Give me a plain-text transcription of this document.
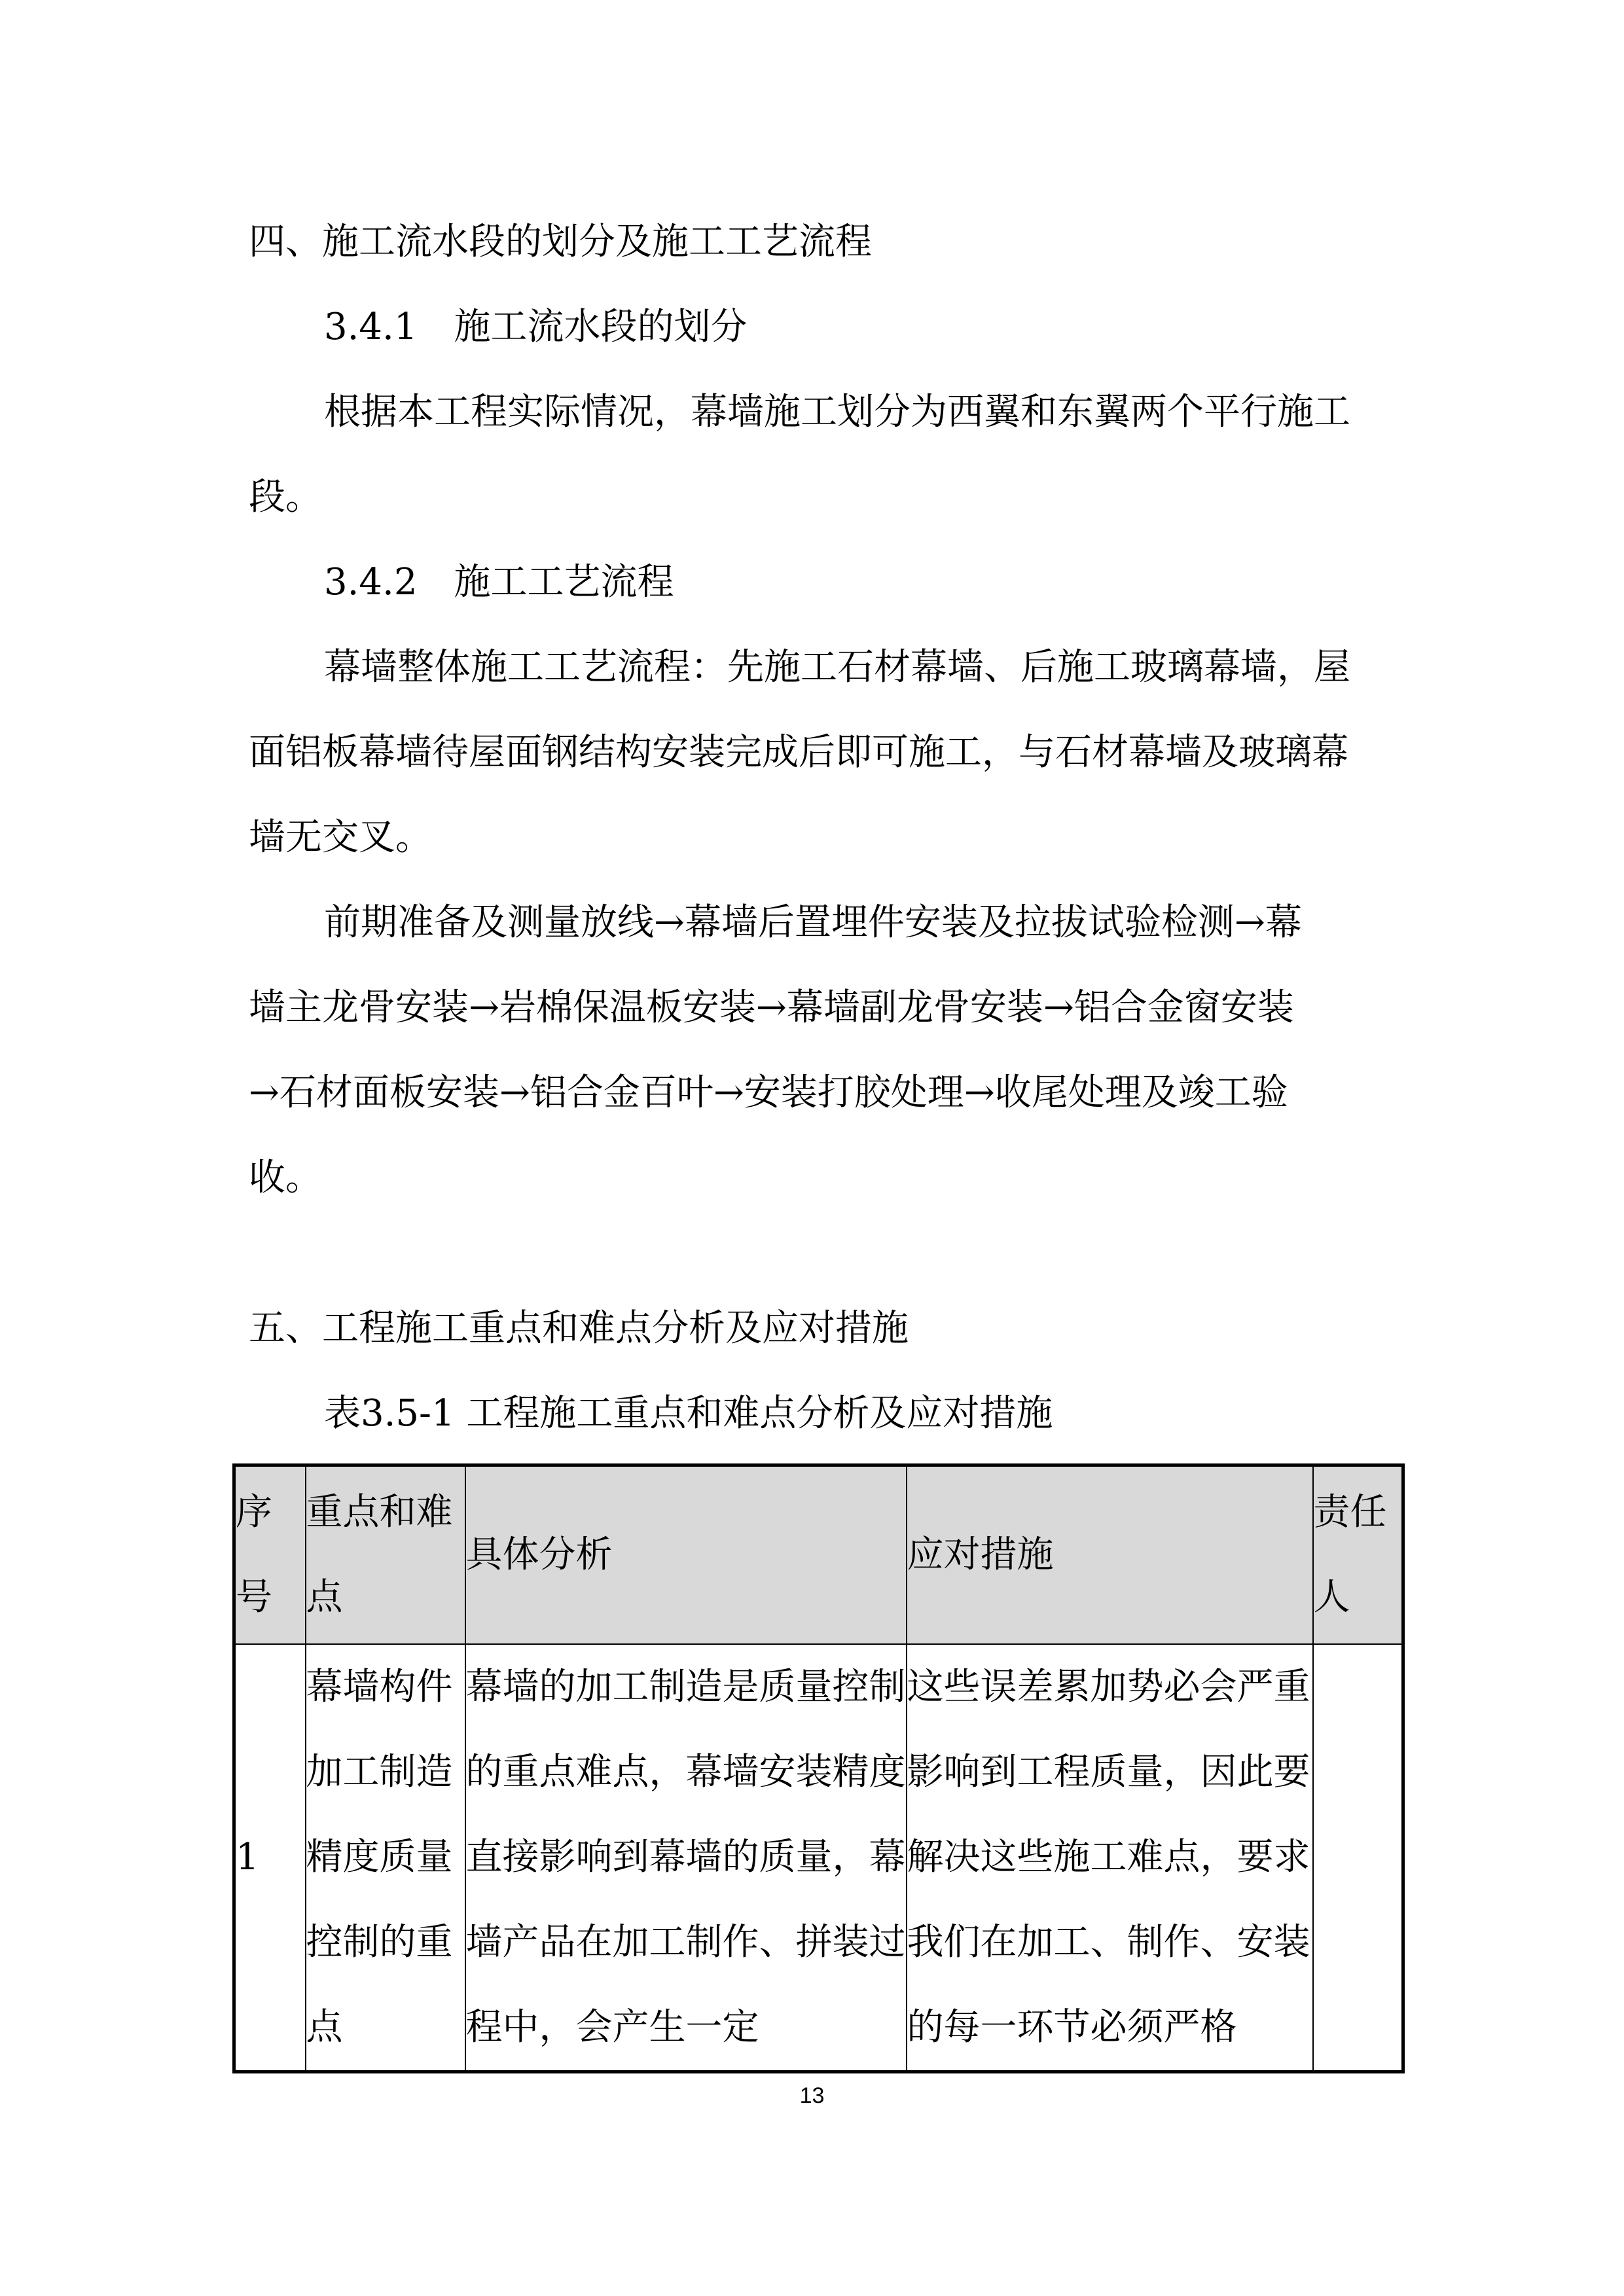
四、施工流水段的划分及施工工艺流程
3.4.1　施工流水段的划分

根据本工程实际情况，幕墙施工划分为西翼和东翼两个平行施工

段。

3.4.2　施工工艺流程

幕墙整体施工工艺流程：先施工石材幕墙、后施工玻璃幕墙，屋

面铝板幕墙待屋面钢结构安装完成后即可施工，与石材幕墙及玻璃幕

墙无交叉。

前期准备及测量放线→幕墙后置埋件安装及拉拔试验检测→幕

墙主龙骨安装→岩棉保温板安装→幕墙副龙骨安装→铝合金窗安装

→石材面板安装→铝合金百叶→安装打胶处理→收尾处理及竣工验

收。

五、工程施工重点和难点分析及应对措施

表3.5-1 工程施工重点和难点分析及应对措施

序号	重点和难点	具体分析	应对措施	责任人
1	幕墙构件加工制造精度质量控制的重点	幕墙的加工制造是质量控制的重点难点，幕墙安装精度直接影响到幕墙的质量，幕墙产品在加工制作、拼装过程中，会产生一定	这些误差累加势必会严重影响到工程质量，因此要解决这些施工难点，要求我们在加工、制作、安装的每一环节必须严格	
13
